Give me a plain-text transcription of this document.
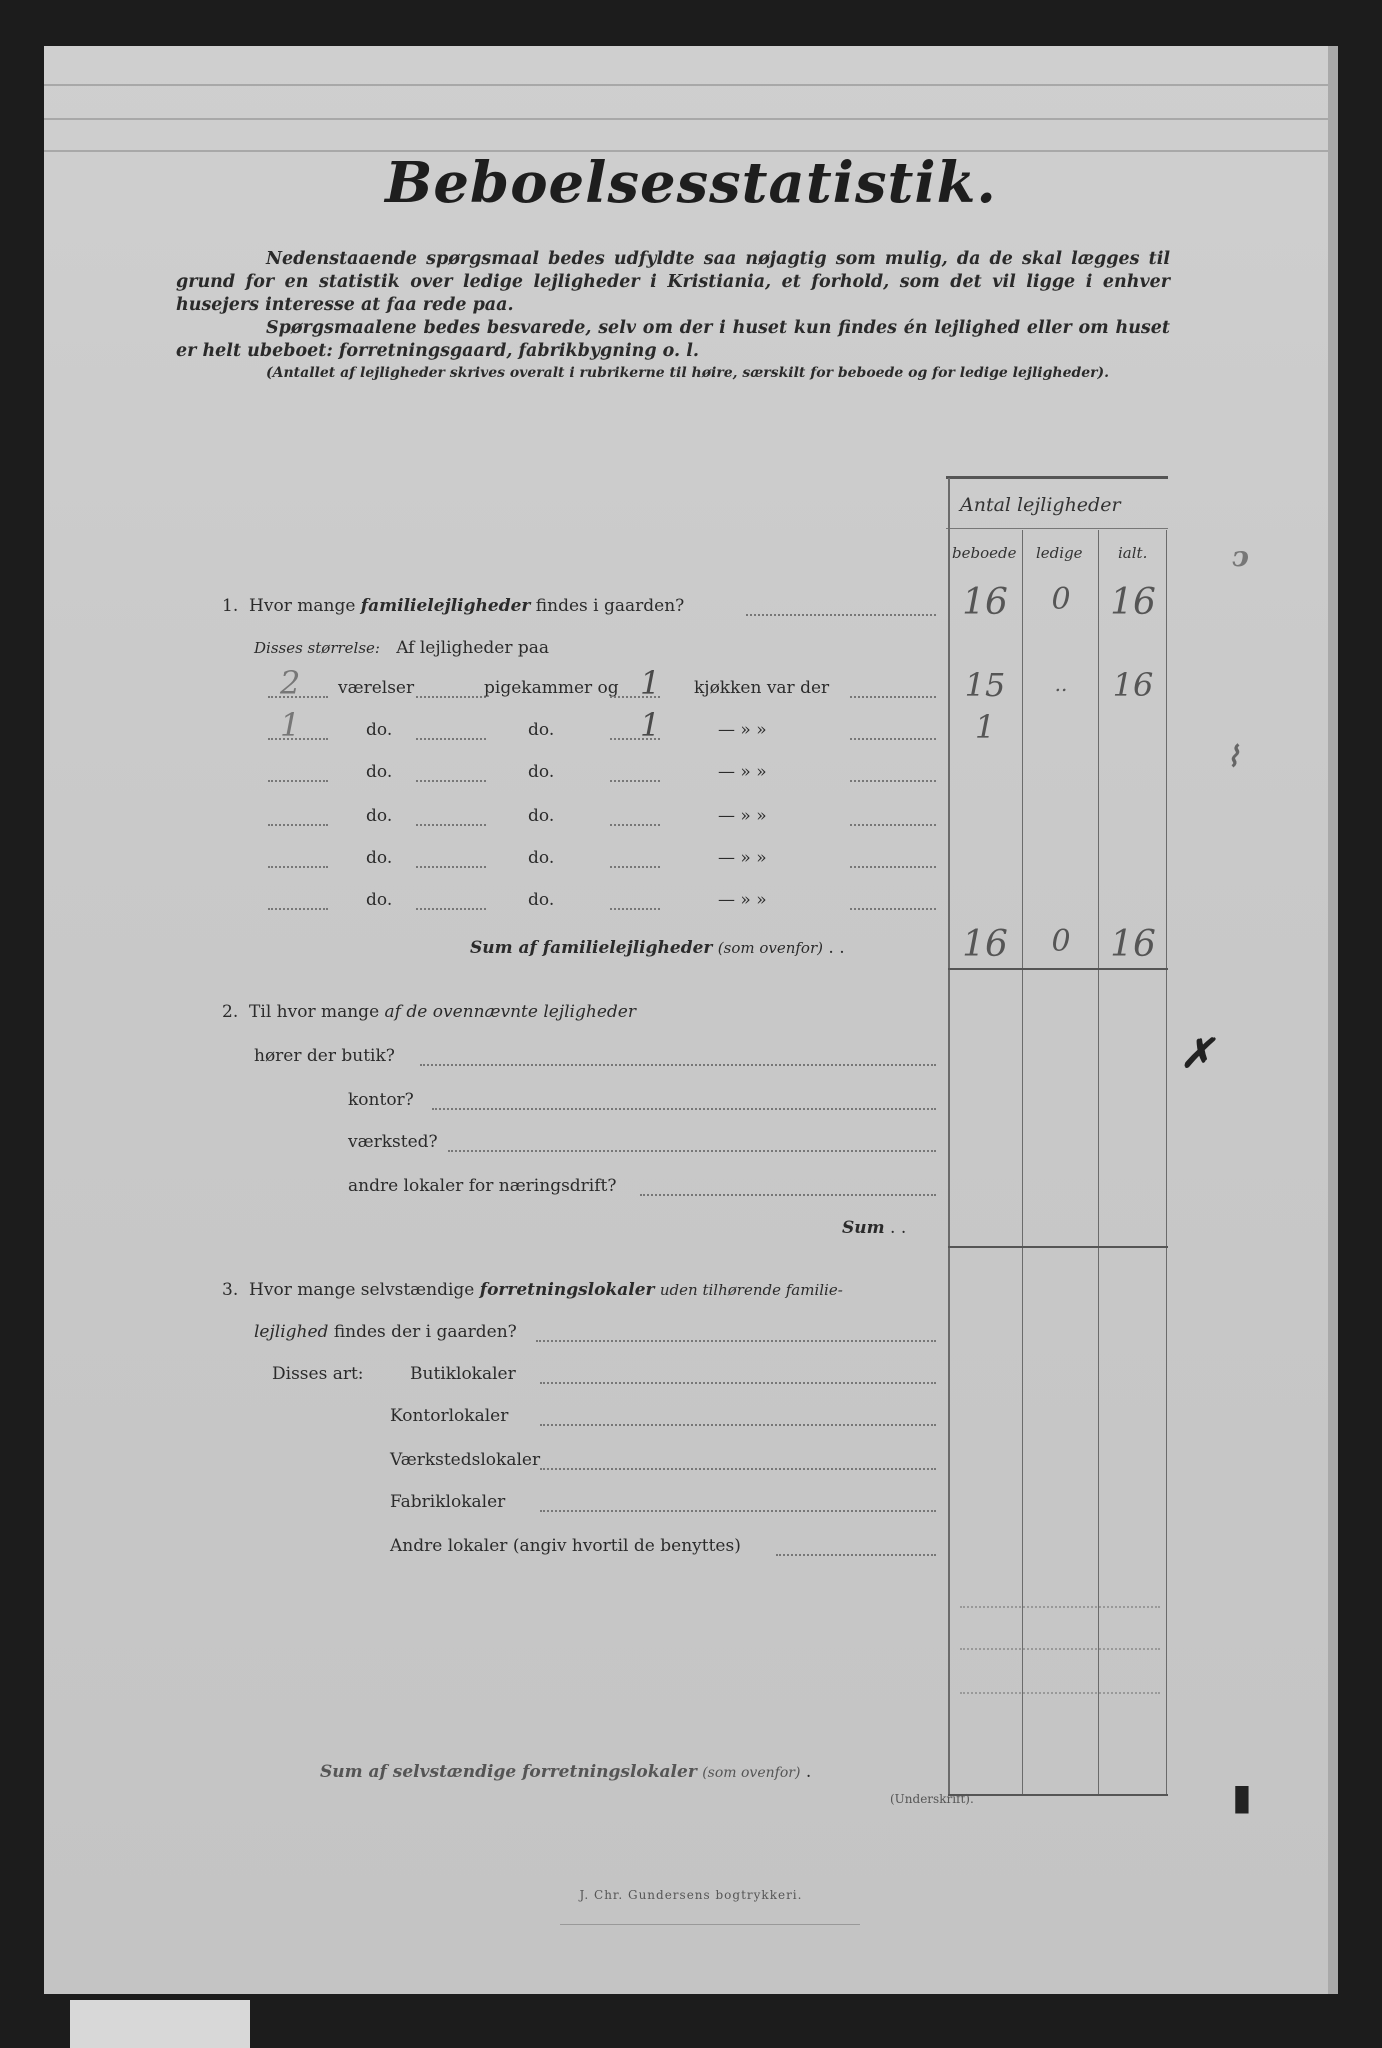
Beboelsesstatistik.

Nedenstaaende spørgsmaal bedes udfyldte saa nøjagtig som mulig, da de skal lægges til grund for en statistik over ledige lejligheder i Kristiania, et forhold, som det vil ligge i enhver husejers interesse at faa rede paa.

Spørgsmaalene bedes besvarede, selv om der i huset kun findes én lejlighed eller om huset er helt ubeboet: forretningsgaard, fabrikbygning o. l.

(Antallet af lejligheder skrives overalt i rubrikerne til høire, særskilt for beboede og for ledige lejligheder).

Antal lejligheder
beboede ledige ialt.
1. Hvor mange familielejligheder findes i gaarden?	16	0	16
Disses størrelse: Af lejligheder paa
2 værelser	pigekammer og 1 kjøkken var der	15	..	16
1	do.	do.	1	— » »	1
do.	do.	— » »
do.	do.	— » »
do.	do.	— » »
do.	do.	— » »
Sum af familielejligheder (som ovenfor) . .	16	0	16
2. Til hvor mange af de ovennævnte lejligheder
hører der butik?
kontor?
værksted?
andre lokaler for næringsdrift?
Sum . .
3. Hvor mange selvstændige forretningslokaler uden tilhørende familie-
lejlighed findes der i gaarden?
Disses art:	Butiklokaler
Kontorlokaler
Værkstedslokaler
Fabriklokaler
Andre lokaler (angiv hvortil de benyttes)
Sum af selvstændige forretningslokaler (som ovenfor) .
(Underskrift).
J. Chr. Gundersens bogtrykkeri.
ↄ
⌇
✗
▮
